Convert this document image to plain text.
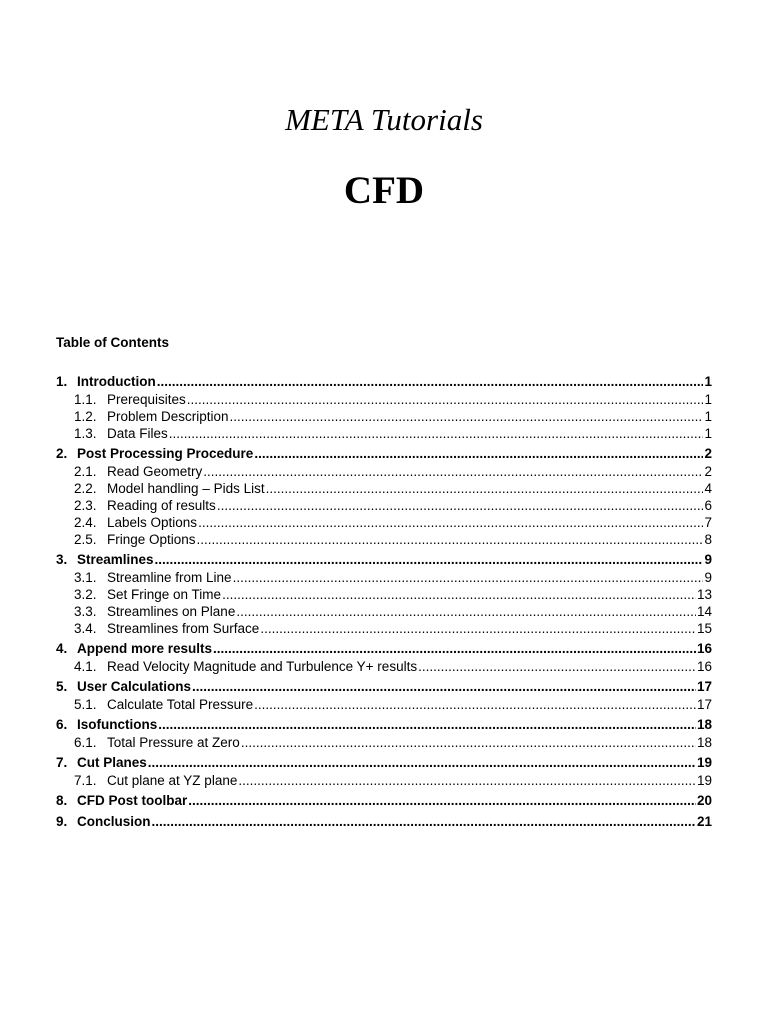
META Tutorials
CFD
Table of Contents
1. Introduction .....	1
1.1. Prerequisites .....	1
1.2. Problem Description .....	1
1.3. Data Files .....	1
2. Post Processing Procedure .....	2
2.1. Read Geometry .....	2
2.2. Model handling – Pids List .....	4
2.3. Reading of results .....	6
2.4. Labels Options .....	7
2.5. Fringe Options .....	8
3. Streamlines .....	9
3.1. Streamline from Line .....	9
3.2. Set Fringe on Time .....	13
3.3. Streamlines on Plane .....	14
3.4. Streamlines from Surface .....	15
4. Append more results .....	16
4.1. Read Velocity Magnitude and Turbulence Y+ results .....	16
5. User Calculations .....	17
5.1. Calculate Total Pressure .....	17
6. Isofunctions .....	18
6.1. Total Pressure at Zero .....	18
7. Cut Planes .....	19
7.1. Cut plane at YZ plane .....	19
8. CFD Post toolbar .....	20
9. Conclusion .....	21
